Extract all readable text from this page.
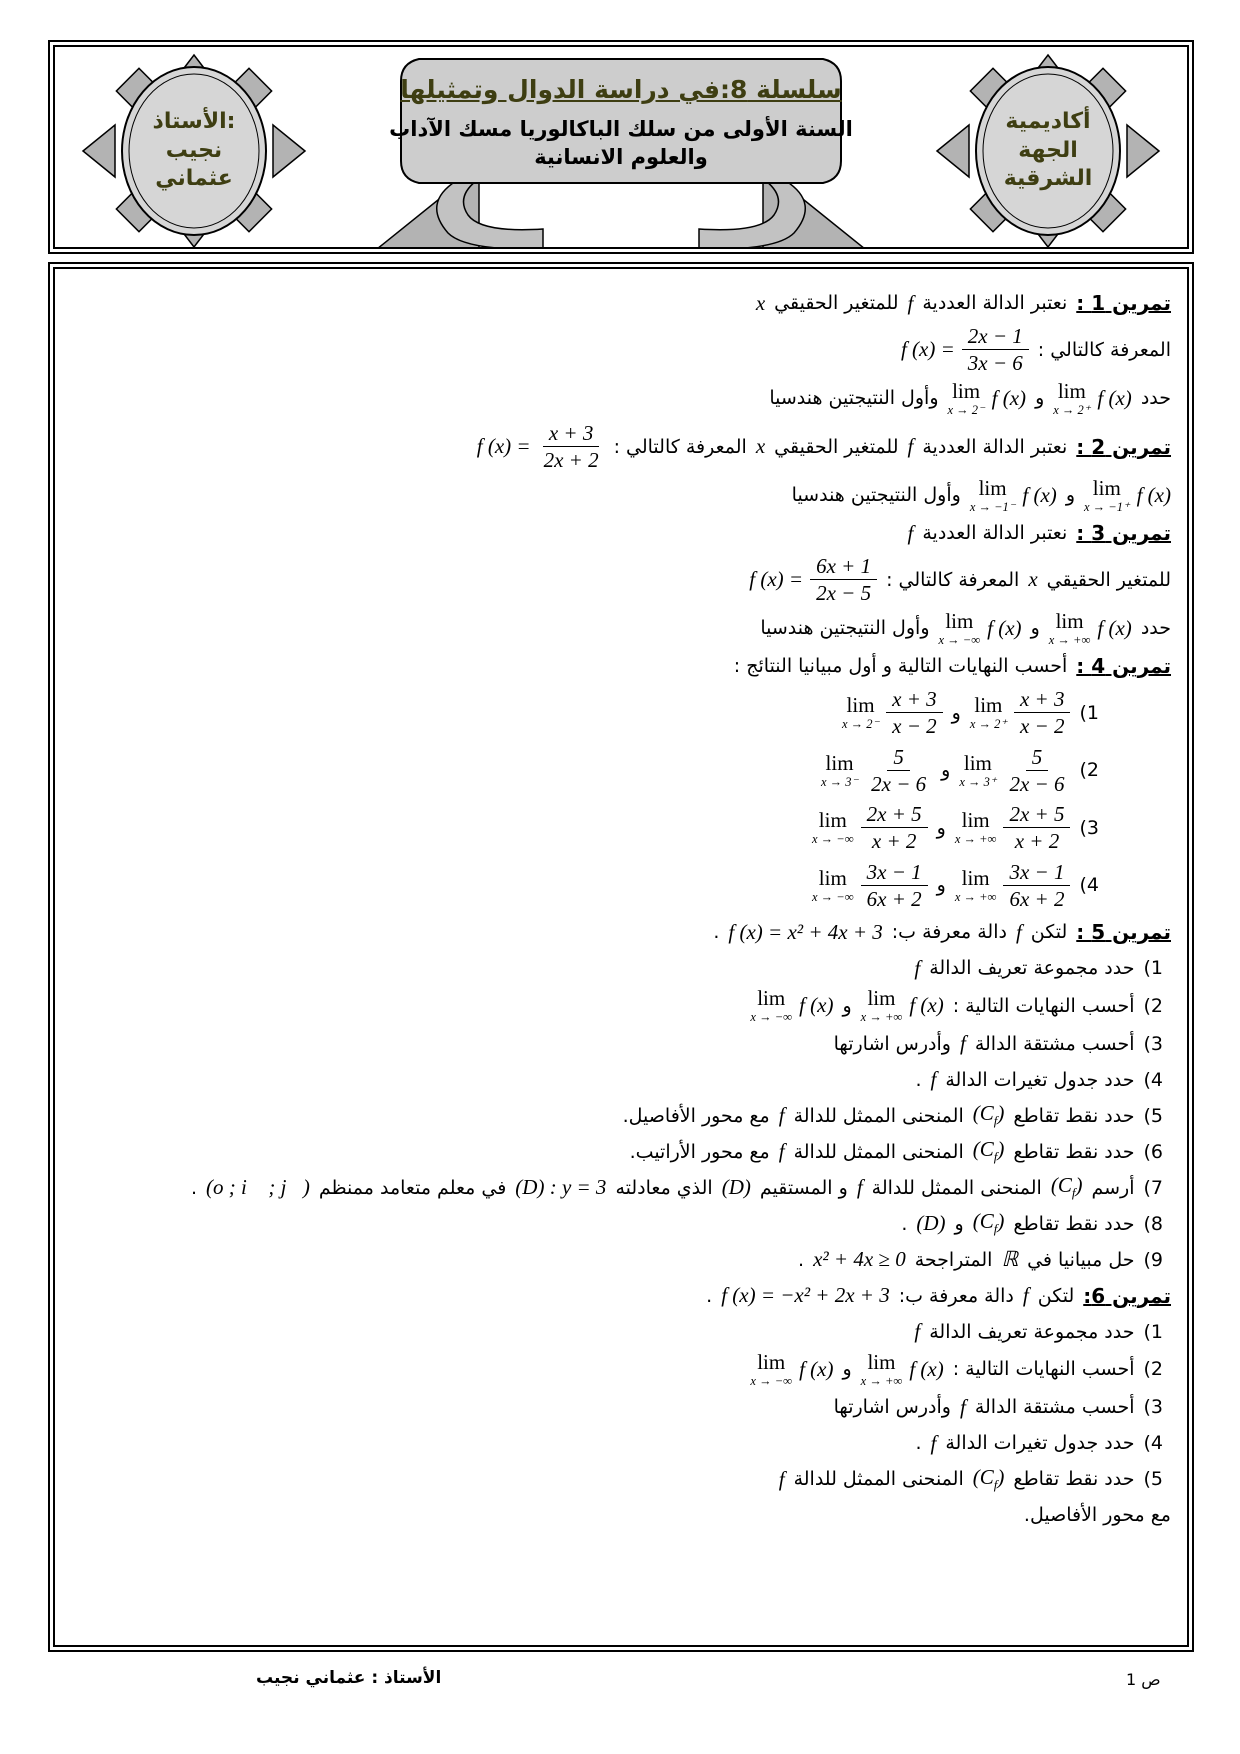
الأستاذ:
نجيب
عثماني
سلسلة 8:في دراسة الدوال وتمثيلها
السنة الأولى من سلك الباكالوريا مسك الآداب
والعلوم الانسانية
أكاديمية
الجهة
الشرقية
تمرين 1 :
نعتبر الدالة العددية
f
للمتغير الحقيقي
x
المعرفة كالتالي :
f $(x) = \frac{2x - 1}{3x - 6}$
حدد
lim
x → 2⁺ f (x)
و
lim
x → 2⁻ f (x)
وأول النتيجتين هندسيا
تمرين 2 :
نعتبر الدالة العددية
f
للمتغير الحقيقي
x
المعرفة كالتالي :
f $(x) = \frac{x + 3}{2x + 2}$
lim
x → −1⁺ f (x)
و
lim
x → −1⁻ f (x)
وأول النتيجتين هندسيا
تمرين 3 :
نعتبر الدالة العددية
f
للمتغير الحقيقي
x
المعرفة كالتالي :
f $(x) = \frac{6x + 1}{2x - 5}$
حدد
lim
x → +∞ f (x)
و
lim
x → −∞ f (x)
وأول النتيجتين هندسيا
تمرين 4 :
أحسب النهايات التالية و أول مبيانيا النتائج :
(1
lim
$x \to 2^+ \frac{x + 3}{x - 2}$
و
lim
$x \to 2^- \frac{x + 3}{x - 2}$
(2
lim
$x \to 3^+ \frac{5}{2x - 6}$
و
lim
$x \to 3^- \frac{5}{2x - 6}$
(3
lim
x → +∞ $\frac{2x + 5}{x + 2}$
و
lim
x → −∞ $\frac{2x + 5}{x + 2}$
(4
lim
x → +∞ $\frac{3x - 1}{6x + 2}$
و
lim
x → −∞ $\frac{3x - 1}{6x + 2}$
تمرين 5 :
لتكن
f
دالة معرفة ب:
f (x) = x² + 4x + 3
.
(1
حدد مجموعة تعريف الدالة
f
(2
أحسب النهايات التالية :
lim
x → +∞ f (x)
و
lim
x → −∞ f (x)
(3
أحسب مشتقة الدالة
f
وأدرس اشارتها
(4
حدد جدول تغيرات الدالة
f
.
(5
حدد نقط تقاطع
$(C_f)$
المنحنى الممثل للدالة
f
مع محور الأفاصيل.
(6
حدد نقط تقاطع
$(C_f)$
المنحنى الممثل للدالة
f
مع محور الأراتيب.
(7
أرسم
$(C_f)$
المنحنى الممثل للدالة
f
و المستقيم
(D)
الذي معادلته
(D) : y = 3
في معلم متعامد ممنظم
(o ; i⃗ ; j⃗)
.
(8
حدد نقط تقاطع
$(C_f)$
و
(D)
.
(9
حل مبيانيا في
ℝ
المتراجحة
x² + 4x ≥ 0
.
تمرين 6:
لتكن
f
دالة معرفة ب:
f (x) = −x² + 2x + 3
.
(1
حدد مجموعة تعريف الدالة
f
(2
أحسب النهايات التالية :
lim
x → +∞ f (x)
و
lim
x → −∞ f (x)
(3
أحسب مشتقة الدالة
f
وأدرس اشارتها
(4
حدد جدول تغيرات الدالة
f
.
(5
حدد نقط تقاطع
$(C_f)$
المنحنى الممثل للدالة
f
مع محور الأفاصيل.
الأستاذ : عثماني نجيب	ص 1
